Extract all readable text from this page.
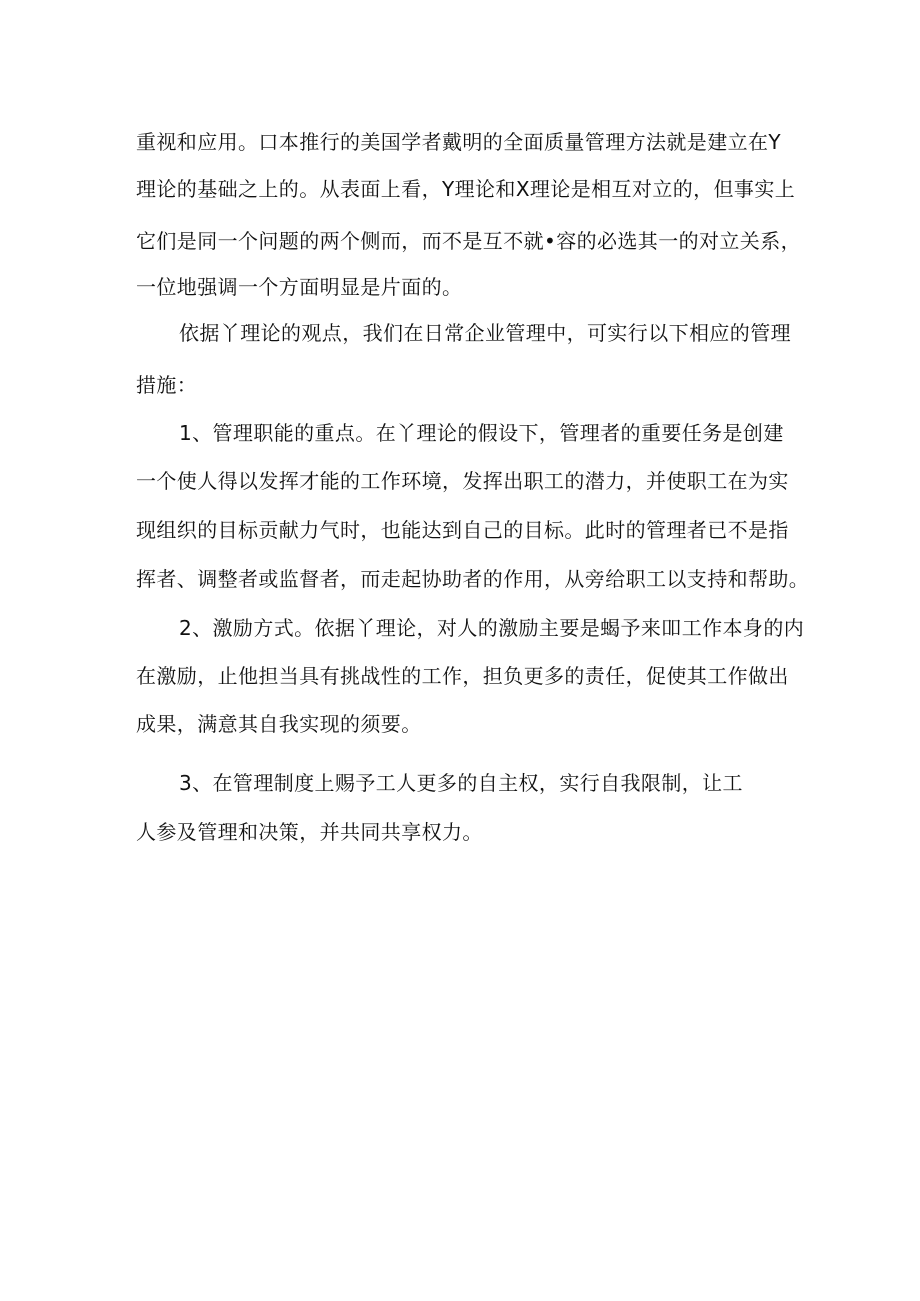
重视和应用。口本推行的美国学者戴明的全面质量管理方法就是建立在Y
理论的基础之上的。从表面上看，Y理论和X理论是相互对立的，但事实上
它们是同一个问题的两个侧而，而不是互不就•容的必选其一的对立关系，
一位地强调一个方面明显是片面的。
依据丫理论的观点，我们在日常企业管理中，可实行以下相应的管理
措施：
1、管理职能的重点。在丫理论的假设下，管理者的重要任务是创建
一个使人得以发挥才能的工作环境，发挥出职工的潜力，并使职工在为实
现组织的目标贡献力气时，也能达到自己的目标。此时的管理者已不是指
挥者、调整者或监督者，而走起协助者的作用，从旁给职工以支持和帮助。
2、激励方式。依据丫理论，对人的激励主要是蝎予来吅工作本身的内
在激励，止他担当具有挑战性的工作，担负更多的责任，促使其工作做出
成果，满意其自我实现的须要。
3、在管理制度上赐予工人更多的自主权，实行自我限制，让工
人参及管理和决策，并共同共享权力。
